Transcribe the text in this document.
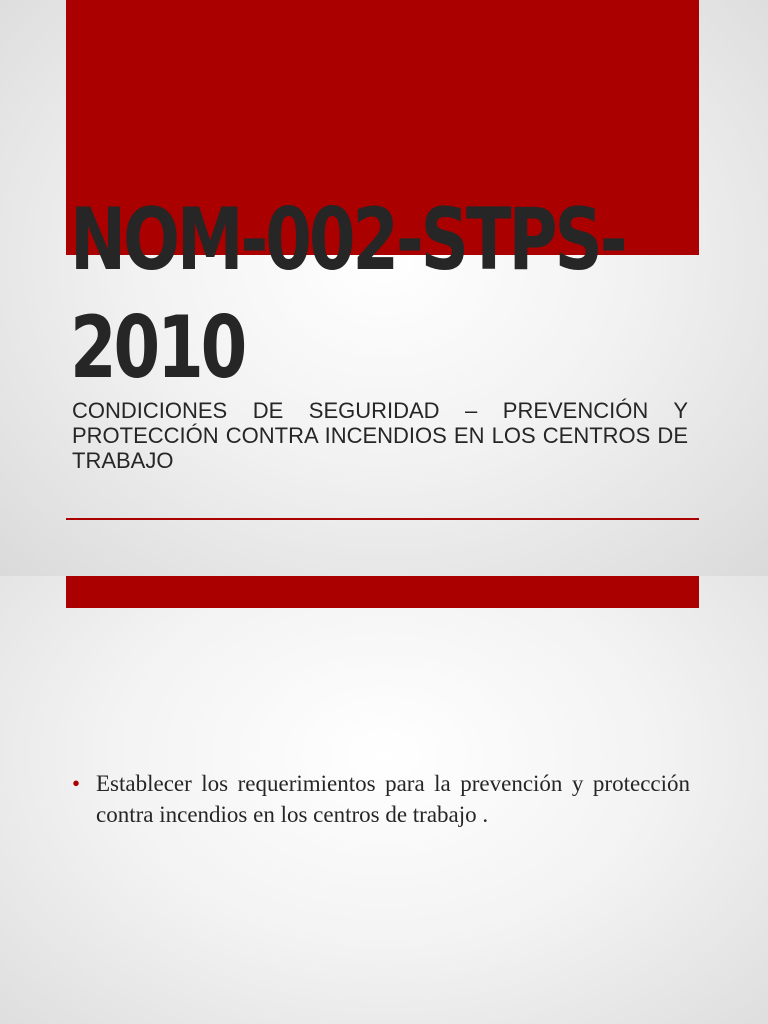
NOM-002-STPS-
2010

CONDICIONES DE SEGURIDAD – PREVENCIÓN Y PROTECCIÓN CONTRA INCENDIOS EN LOS CENTROS DE TRABAJO

• Establecer los requerimientos para la prevención y protección contra incendios en los centros de trabajo .
